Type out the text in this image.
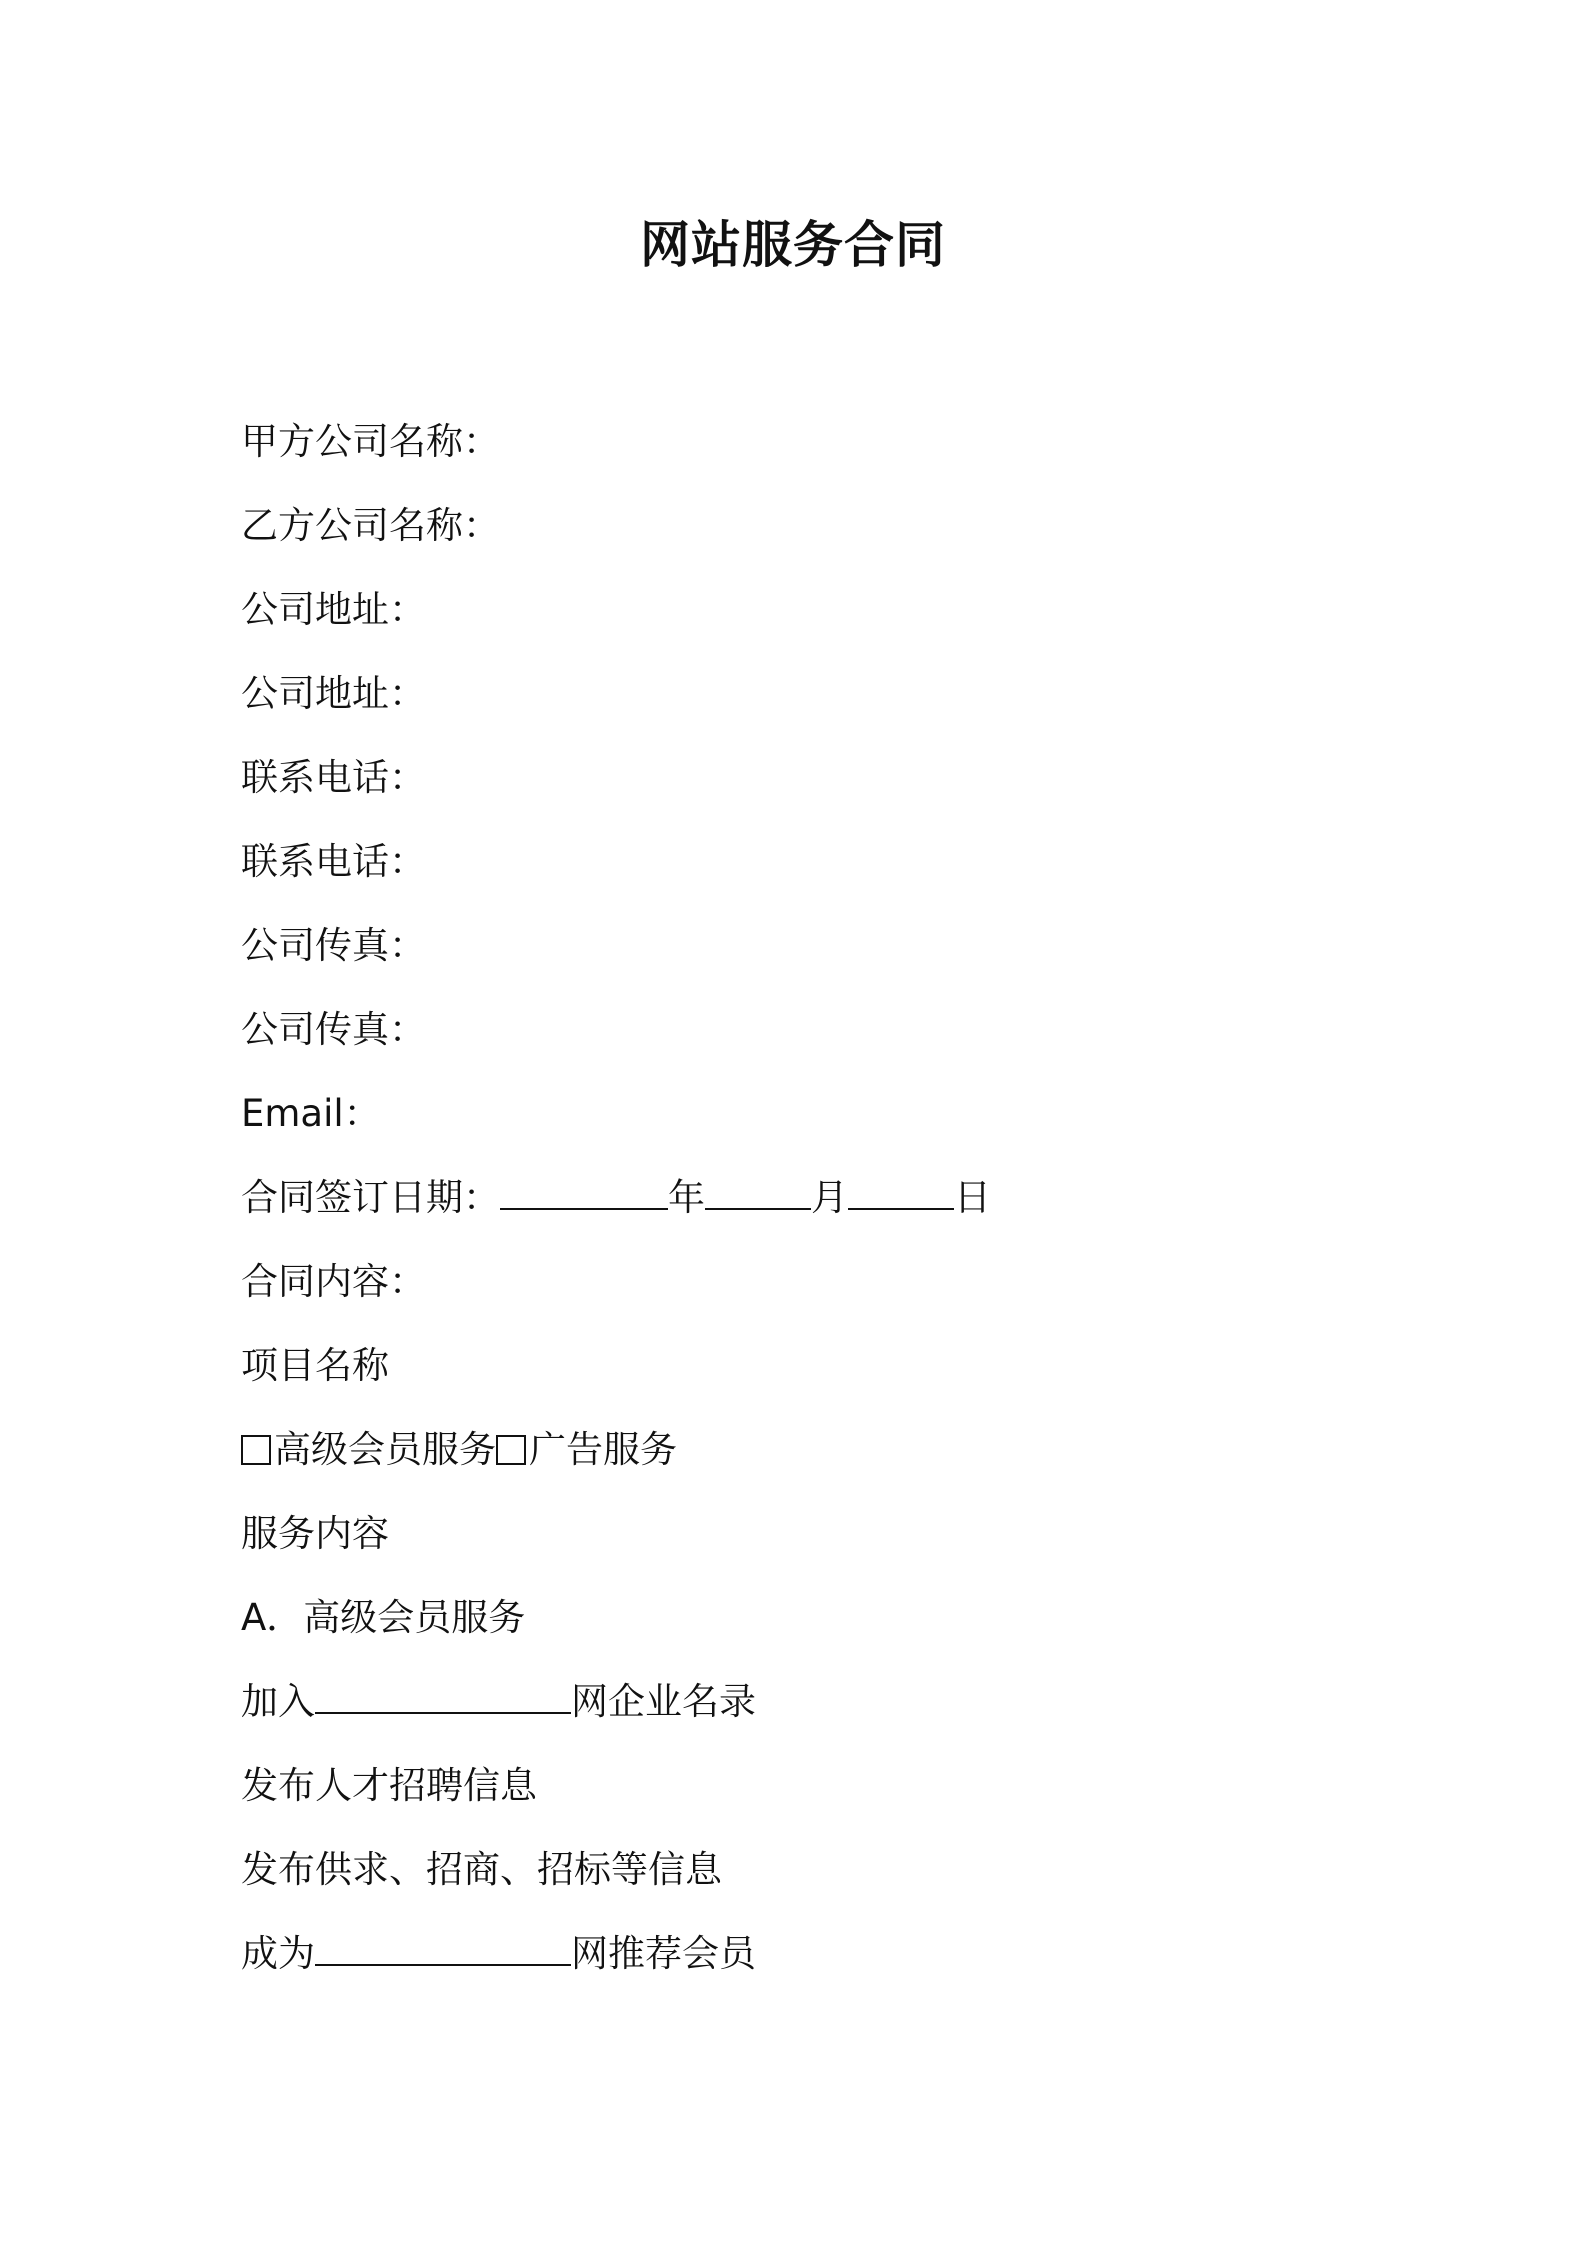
网站服务合同
甲方公司名称：
乙方公司名称：
公司地址：
公司地址：
联系电话：
联系电话：
公司传真：
公司传真：
Email：
合同签订日期：	年	月	日
合同内容：
项目名称
高级会员服务 广告服务
服务内容
A．高级会员服务
加入	网企业名录
发布人才招聘信息
发布供求、招商、招标等信息
成为	网推荐会员
